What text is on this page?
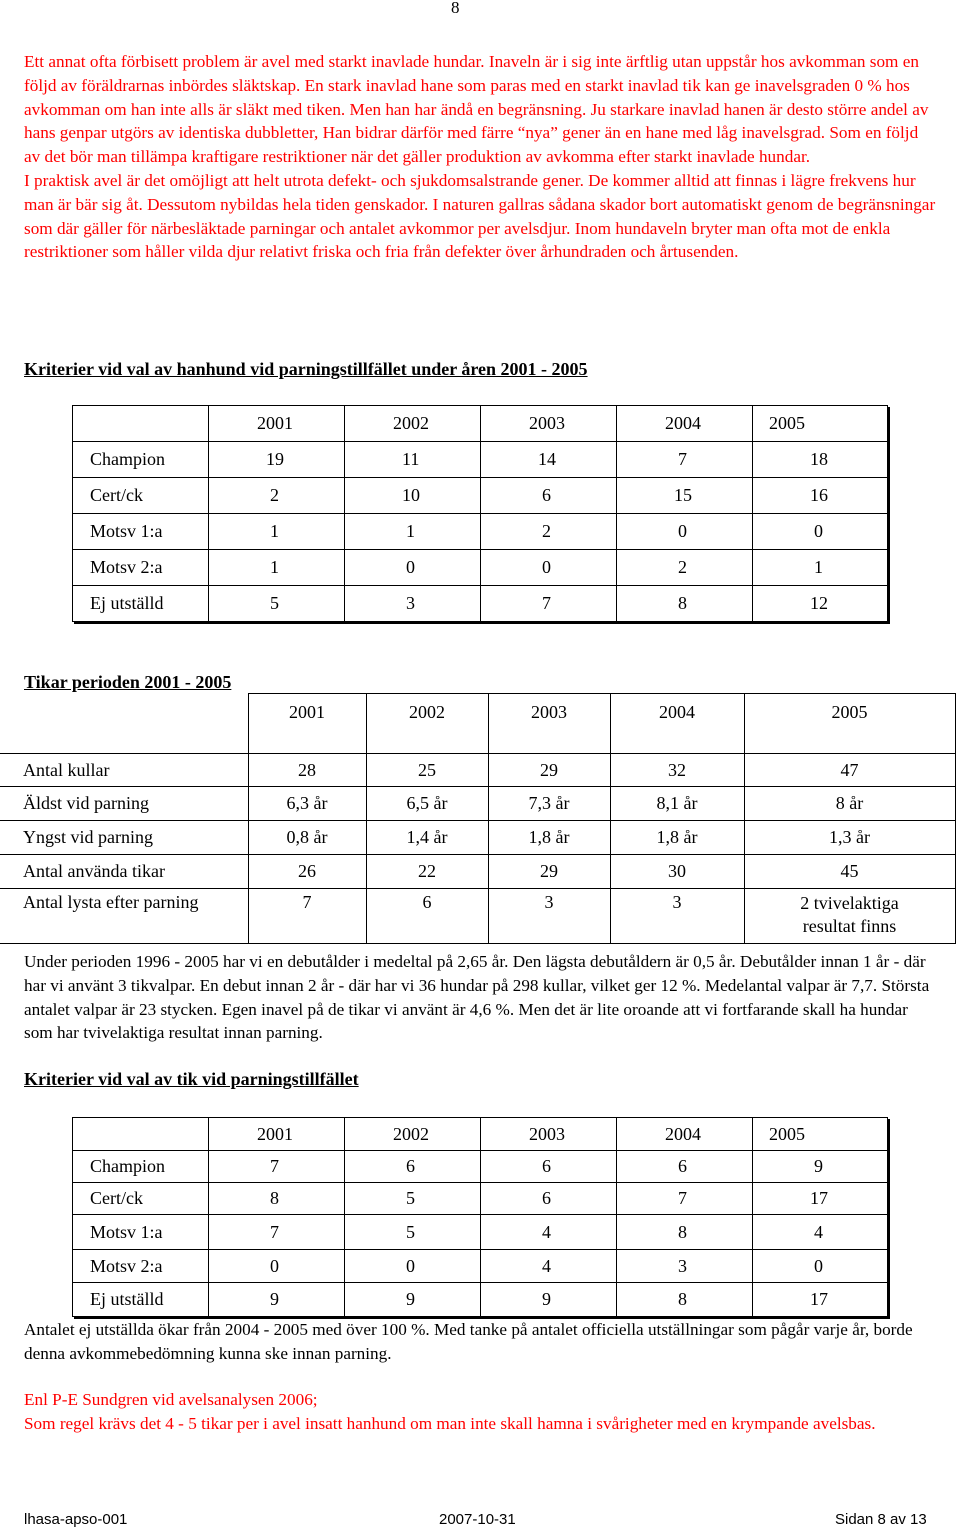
8

Ett annat ofta förbisett problem är avel med starkt inavlade hundar. Inaveln är i sig inte ärftlig utan uppstår hos avkomman som en följd av föräldrarnas inbördes släktskap. En stark inavlad hane som paras med en starkt inavlad tik kan ge inavelsgraden 0 % hos avkomman om han inte alls är släkt med tiken. Men han har ändå en begränsning. Ju starkare inavlad hanen är desto större andel av hans genpar utgörs av identiska dubbletter, Han bidrar därför med färre “nya” gener än en hane med låg inavelsgrad. Som en följd av det bör man tillämpa kraftigare restriktioner när det gäller produktion av avkomma efter starkt inavlade hundar.
I praktisk avel är det omöjligt att helt utrota defekt- och sjukdomsalstrande gener. De kommer alltid att finnas i lägre frekvens hur man är bär sig åt. Dessutom nybildas hela tiden genskador. I naturen gallras sådana skador bort automatiskt genom de begränsningar som där gäller för närbesläktade parningar och antalet avkommor per avelsdjur. Inom hundaveln bryter man ofta mot de enkla restriktioner som håller vilda djur relativt friska och fria från defekter över århundraden och årtusenden.

Kriterier vid val av hanhund vid parningstillfället under åren 2001 - 2005
	2001	2002	2003	2004	2005
Champion	19	11	14	7	18
Cert/ck	2	10	6	15	16
Motsv 1:a	1	1	2	0	0
Motsv 2:a	1	0	0	2	1
Ej utställd	5	3	7	8	12
Tikar perioden 2001 - 2005
	2001	2002	2003	2004	2005
Antal kullar	28	25	29	32	47
Äldst vid parning	6,3 år	6,5 år	7,3 år	8,1 år	8 år
Yngst vid parning	0,8 år	1,4 år	1,8 år	1,8 år	1,3 år
Antal använda tikar	26	22	29	30	45
Antal lysta efter parning	7	6	3	3	2 tvivelaktiga
resultat finns

Under perioden 1996 - 2005 har vi en debutålder i medeltal på 2,65 år. Den lägsta debutåldern är 0,5 år. Debutålder innan 1 år - där har vi använt 3 tikvalpar. En debut innan 2 år - där har vi 36 hundar på 298 kullar, vilket ger 12 %. Medelantal valpar är 7,7. Största antalet valpar är 23 stycken. Egen inavel på de tikar vi använt är 4,6 %. Men det är lite oroande att vi fortfarande skall ha hundar som har tvivelaktiga resultat innan parning.

Kriterier vid val av tik vid parningstillfället
	2001	2002	2003	2004	2005
Champion	7	6	6	6	9
Cert/ck	8	5	6	7	17
Motsv 1:a	7	5	4	8	4
Motsv 2:a	0	0	4	3	0
Ej utställd	9	9	9	8	17

Antalet ej utställda ökar från 2004 - 2005 med över 100 %. Med tanke på antalet officiella utställningar som pågår varje år, borde denna avkommebedömning kunna ske innan parning.

Enl P-E Sundgren vid avelsanalysen 2006;
Som regel krävs det 4 - 5 tikar per i avel insatt hanhund om man inte skall hamna i svårigheter med en krympande avelsbas.

lhasa-apso-001	2007-10-31	Sidan 8 av 13
